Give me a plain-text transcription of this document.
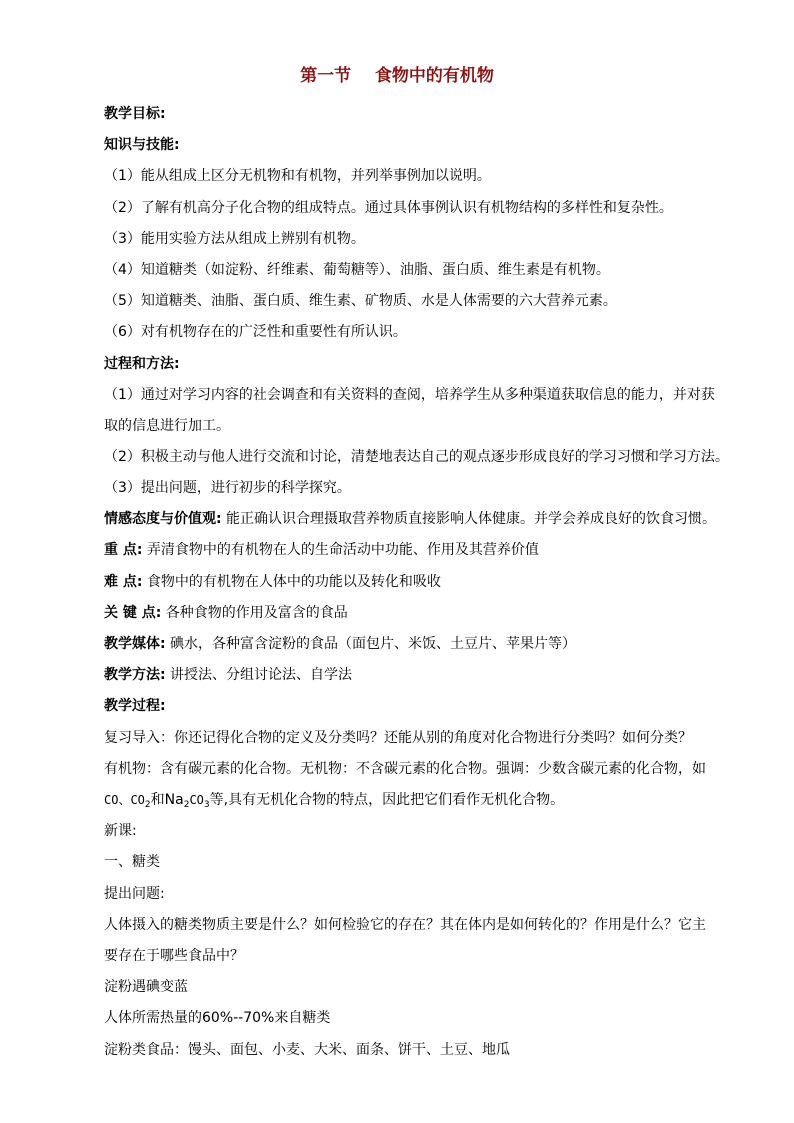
第一节    食物中的有机物
教学目标:
知识与技能:
（1）能从组成上区分无机物和有机物，并列举事例加以说明。
（2）了解有机高分子化合物的组成特点。通过具体事例认识有机物结构的多样性和复杂性。
（3）能用实验方法从组成上辨别有机物。
（4）知道糖类（如淀粉、纤维素、葡萄糖等）、油脂、蛋白质、维生素是有机物。
（5）知道糖类、油脂、蛋白质、维生素、矿物质、水是人体需要的六大营养元素。
（6）对有机物存在的广泛性和重要性有所认识。
过程和方法:
（1）通过对学习内容的社会调查和有关资料的查阅，培养学生从多种渠道获取信息的能力，并对获
取的信息进行加工。
（2）积极主动与他人进行交流和讨论，清楚地表达自己的观点逐步形成良好的学习习惯和学习方法。
（3）提出问题，进行初步的科学探究。
情感态度与价值观: 能正确认识合理摄取营养物质直接影响人体健康。并学会养成良好的饮食习惯。
重 点: 弄清食物中的有机物在人的生命活动中功能、作用及其营养价值
难 点: 食物中的有机物在人体中的功能以及转化和吸收
关 键 点: 各种食物的作用及富含的食品
教学媒体: 碘水，各种富含淀粉的食品（面包片、米饭、土豆片、苹果片等）
教学方法: 讲授法、分组讨论法、自学法
教学过程:
复习导入：你还记得化合物的定义及分类吗？还能从别的角度对化合物进行分类吗？如何分类？
有机物：含有碳元素的化合物。无机物：不含碳元素的化合物。强调：少数含碳元素的化合物，如
CO、$CO_2$和$Na_2CO_3$等,具有无机化合物的特点，因此把它们看作无机化合物。
新课:
一、糖类
提出问题:
人体摄入的糖类物质主要是什么？如何检验它的存在？其在体内是如何转化的？作用是什么？它主
要存在于哪些食品中？
淀粉遇碘变蓝
人体所需热量的60%--70%来自糖类
淀粉类食品：馒头、面包、小麦、大米、面条、饼干、土豆、地瓜
